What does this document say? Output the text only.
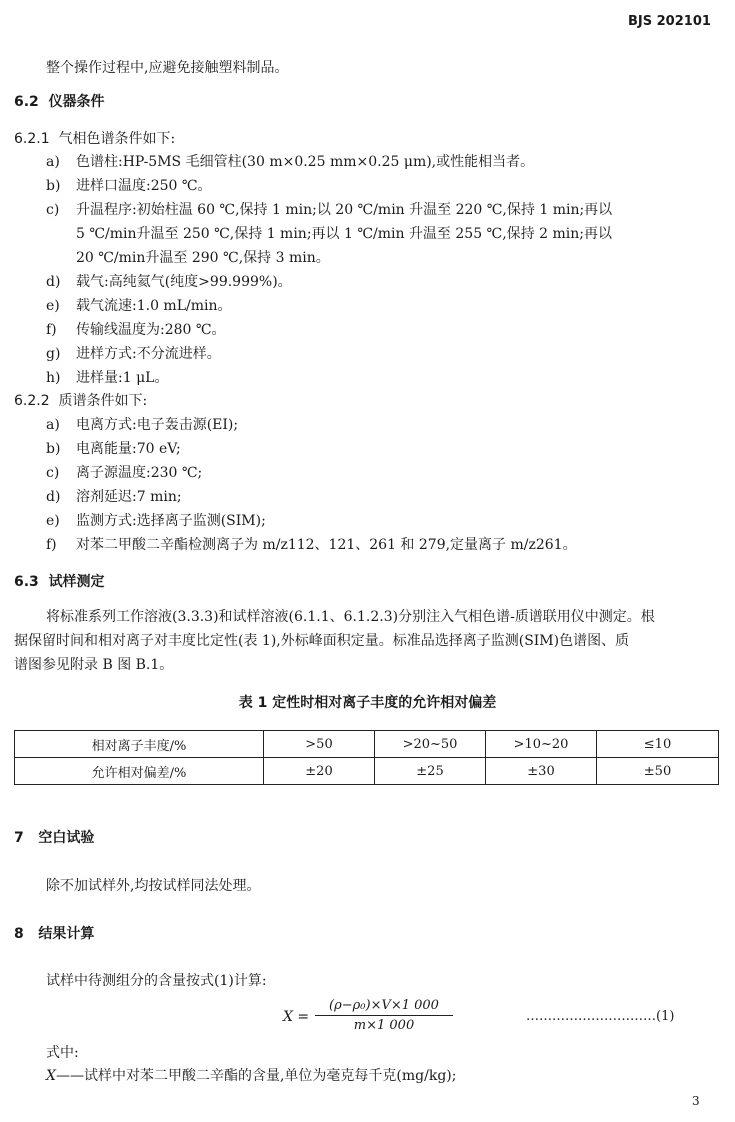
BJS 202101
整个操作过程中,应避免接触塑料制品。
6.2 仪器条件
6.2.1 气相色谱条件如下:
a) 色谱柱:HP-5MS 毛细管柱(30 m×0.25 mm×0.25 μm),或性能相当者。
b) 进样口温度:250 ℃。
c) 升温程序:初始柱温 60 ℃,保持 1 min;以 20 ℃/min 升温至 220 ℃,保持 1 min;再以
5 ℃/min升温至 250 ℃,保持 1 min;再以 1 ℃/min 升温至 255 ℃,保持 2 min;再以
20 ℃/min升温至 290 ℃,保持 3 min。
d) 载气:高纯氦气(纯度>99.999%)。
e) 载气流速:1.0 mL/min。
f) 传输线温度为:280 ℃。
g) 进样方式:不分流进样。
h) 进样量:1 μL。
6.2.2 质谱条件如下:
a) 电离方式:电子轰击源(EI);
b) 电离能量:70 eV;
c) 离子源温度:230 ℃;
d) 溶剂延迟:7 min;
e) 监测方式:选择离子监测(SIM);
f) 对苯二甲酸二辛酯检测离子为 m/z112、121、261 和 279,定量离子 m/z261。
6.3 试样测定
将标准系列工作溶液(3.3.3)和试样溶液(6.1.1、6.1.2.3)分别注入气相色谱-质谱联用仪中测定。根
据保留时间和相对离子对丰度比定性(表 1),外标峰面积定量。标准品选择离子监测(SIM)色谱图、质
谱图参见附录 B 图 B.1。
表 1 定性时相对离子丰度的允许相对偏差
相对离子丰度/%	>50	>20~50	>10~20	≤10
允许相对偏差/%	±20	±25	±30	±50
7 空白试验
除不加试样外,均按试样同法处理。
8 结果计算
试样中待测组分的含量按式(1)计算:
$X = \frac{\text{(ρ−ρ₀)×V×1 000}}{m\times 1 000}$	…………………………(1)
式中:
X——试样中对苯二甲酸二辛酯的含量,单位为毫克每千克(mg/kg);
3
